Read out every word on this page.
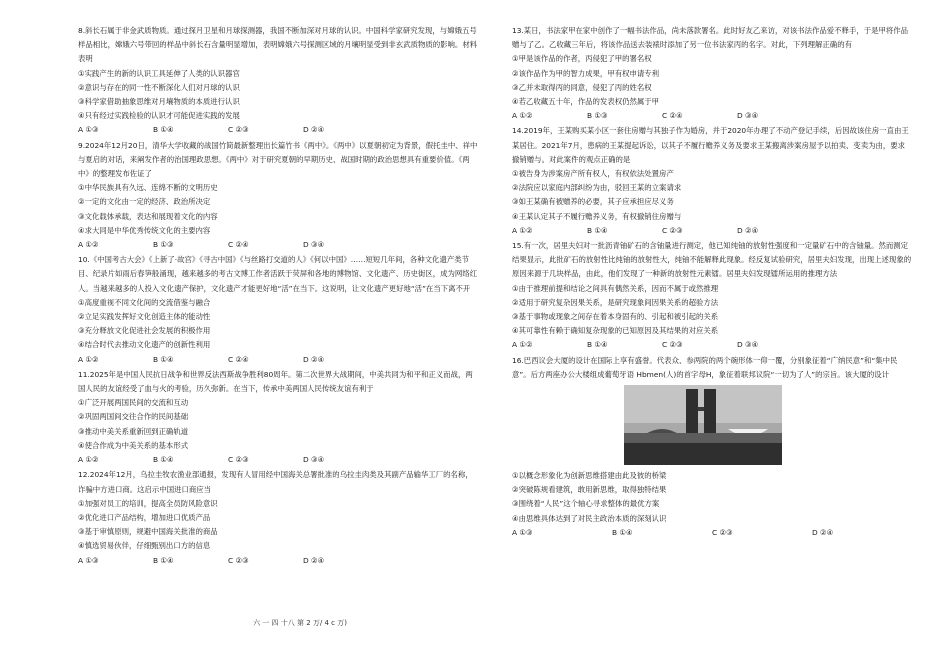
8.斜长石属于非金武质物质。通过探月卫星和月球探测器，我国不断加深对月球的认识。中国科学家研究发现，与嫦娥五号样品相比，嫦娥六号带回的样品中斜长石含量明显增加，表明嫦娥六号探测区域的月壤明显受到非玄武质物质的影响。材料表明
①实践产生的新的认识工具延伸了人类的认识器官
②意识与存在的同一性不断深化人们对月球的认识
③科学家借助抽象思维对月壤物质的本质进行认识
④只有经过实践检验的认识才可能促进实践的发展
A ①③	B ①④	C ②③	D ②④
9.2024年12月20日，清华大学收藏的战国竹简最新整理出长篇竹书《两中》。《两中》以夏朝初定为背景，假托圭中、祥中与夏启的对话，来阐发作者的治国理政思想。《两中》对于研究夏朝的早期历史、战国时期的政治思想具有重要价值。《两中》的整理发布佐证了
①中华民族具有久远、连绵不断的文明历史
②一定的文化由一定的经济、政治所决定
③文化载体承载，表达和展现着文化的内容
④求大同是中华优秀传统文化的主要内容
A ①②	B ①③	C ②④	D ③④
10.《中国考古大会》《上新了·故宫》《寻古中国》《与丝路打交道的人》《何以中国》……短短几年间，各种文化遗产类节目、纪录片如雨后春笋般涌现，越来越多的考古文博工作者活跃于荧屏和各地的博物馆、文化遗产、历史街区，成为网络红人。当越来越多的人投入文化遗产保护，文化遗产才能更好地“活”在当下。这说明，让文化遗产更好地“活”在当下离不开
①高度重视不同文化间的交流借鉴与融合
②立足实践发挥好文化创造主体的能动性
③充分释放文化促进社会发展的积极作用
④结合时代去推动文化遗产的创新性利用
A ①②	B ①④	C ②④	D ②④
11.2025年是中国人民抗日战争和世界反法西斯战争胜利80周年。第二次世界大战期间，中美共同为和平和正义而战，两国人民的友谊经受了血与火的考验，历久弥新。在当下，传承中美两国人民传统友谊有利于
①广泛开展两国民间的交流和互动
②巩固两国间交往合作的民间基础
③推动中美关系重新回到正确轨道
④使合作成为中美关系的基本形式
A ①②	B ①④	C ②③	D ③④
12.2024年12月，乌拉圭牧农渔业部通报，发现有人冒用经中国海关总署批准的乌拉圭肉类及其副产品输华工厂的名称，诈骗中方进口商。这启示中国进口商应当
①加强对员工的培训，提高全员防风险意识
②优化进口产品结构，增加进口优质产品
③基于审慎原则，规避中国海关批准的商品
④慎选贸易伙伴，仔细甄别出口方的信息
A ①③	B ①④	C ②③	D ②④
13.某日，书法家甲在家中创作了一幅书法作品，尚未落款署名。此时好友乙来访，对该书法作品爱不释手，于是甲将作品赠与了乙。乙收藏三年后，将该作品送去装裱时添加了另一位书法家丙的名字。对此，下列理解正确的有
①甲是该作品的作者，丙侵犯了甲的署名权
②该作品作为甲的智力成果，甲有权申请专利
③乙并未取得丙的同意，侵犯了丙的姓名权
④若乙收藏五十年，作品的发表权仍然属于甲
A ①②	B ①③	C ②④	D ③④
14.2019年，王某购买某小区一套住房赠与其独子作为婚房，并于2020年办理了不动产登记手续，后因故该住房一直由王某居住。2021年7月，患病的王某提起诉讼，以其子不履行赡养义务及要求王某搬离涉案房屋予以拍卖、变卖为由，要求撤销赠与。对此案件的观点正确的是
①被告身为涉案房产所有权人，有权依法处置房产
②法院应以家庭内部纠纷为由，驳回王某的立案请求
③如王某确有被赠养的必要，其子应承担应尽义务
④王某认定其子不履行赡养义务，有权撤销住房赠与
A ①②	B ①④	C ②③	D ②④
15.有一次，居里夫妇对一批沥青铀矿石的含铀量进行测定，他已知纯铀的放射性强度和一定量矿石中的含铀量。然而测定结果显示，此批矿石的放射性比纯铀的放射性大，纯铀不能解释此现象。经反复试验研究，居里夫妇发现，出现上述现象的原因来源于几块样品，由此，他们发现了一种新的放射性元素镭。居里夫妇发现镭所运用的推理方法
①由于推理前提和结论之间具有偶然关系，因而不属于或然推理
②适用于研究复杂因果关系，是研究现象间因果关系的超验方法
③基于事物或现象之间存在着本身固有的、引起和被引起的关系
④其可靠性有赖于确知复杂现象的已知原因及其结果的对应关系
A ①②	B ①④	C ②③	D ③④
16.巴西议会大厦的设计在国际上享有盛誉。代表众、参两院的两个碗形体一仰一覆，分别象征着“广纳民意”和“集中民意”。后方两座办公大楼组成葡萄牙语 Hbmen(人)的首字母H，象征着联邦议院“一切为了人”的宗旨。该大厦的设计
①以概念形象化为创新思维搭建由此及彼的桥梁
②突破陈规看建筑，敢用新思维，取得独特结果
③围绕着“人民”这个轴心寻求整体的最优方案
④由思维具体达到了对民主政治本质的深刻认识
A ①③	B ①④	C ②③	D ②④
六 一 四 十八 第 2 万/ 4 c 万)
